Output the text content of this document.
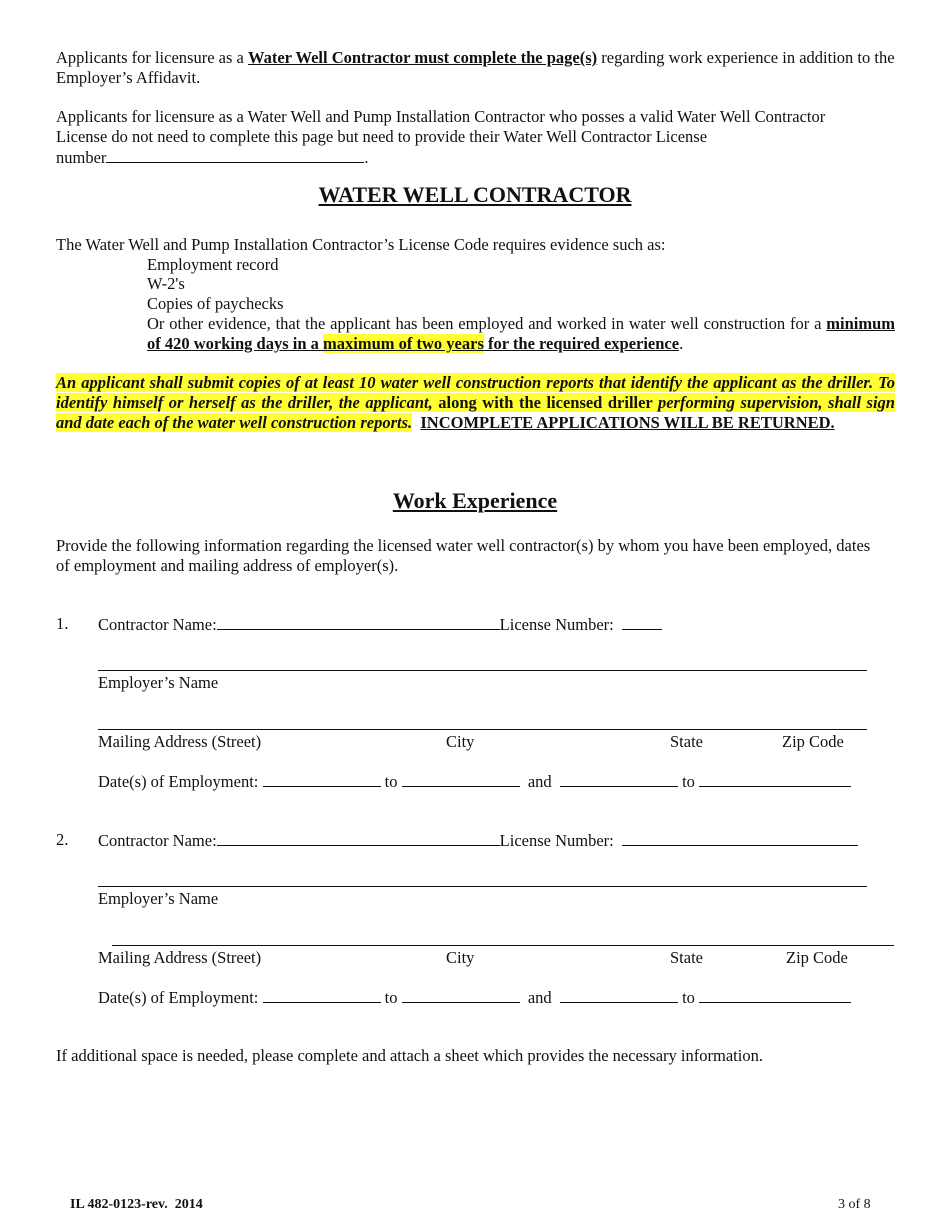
Applicants for licensure as a Water Well Contractor must complete the page(s) regarding work experience in addition to the Employer’s Affidavit.
Applicants for licensure as a Water Well and Pump Installation Contractor who posses a valid Water Well Contractor License do not need to complete this page but need to provide their Water Well Contractor License
number	.
WATER WELL CONTRACTOR
The Water Well and Pump Installation Contractor’s License Code requires evidence such as:
Employment record
W-2's
Copies of paychecks
Or other evidence, that the applicant has been employed and worked in water well construction for a minimum of 420 working days in a maximum of two years for the required experience.
An applicant shall submit copies of at least 10 water well construction reports that identify the applicant as the driller. To identify himself or herself as the driller, the applicant, along with the licensed driller performing supervision, shall sign and date each of the water well construction reports. INCOMPLETE APPLICATIONS WILL BE RETURNED.
Work Experience
Provide the following information regarding the licensed water well contractor(s) by whom you have been employed, dates of employment and mailing address of employer(s).
1. Contractor Name:	License Number:
Employer’s Name
Mailing Address (Street)	City	State	Zip Code
Date(s) of Employment:	to	and	to
2. Contractor Name:	License Number:
Employer’s Name
Mailing Address (Street)	City	State	Zip Code
Date(s) of Employment:	to	and	to
If additional space is needed, please complete and attach a sheet which provides the necessary information.
IL 482-0123-rev.  2014	3 of 8
